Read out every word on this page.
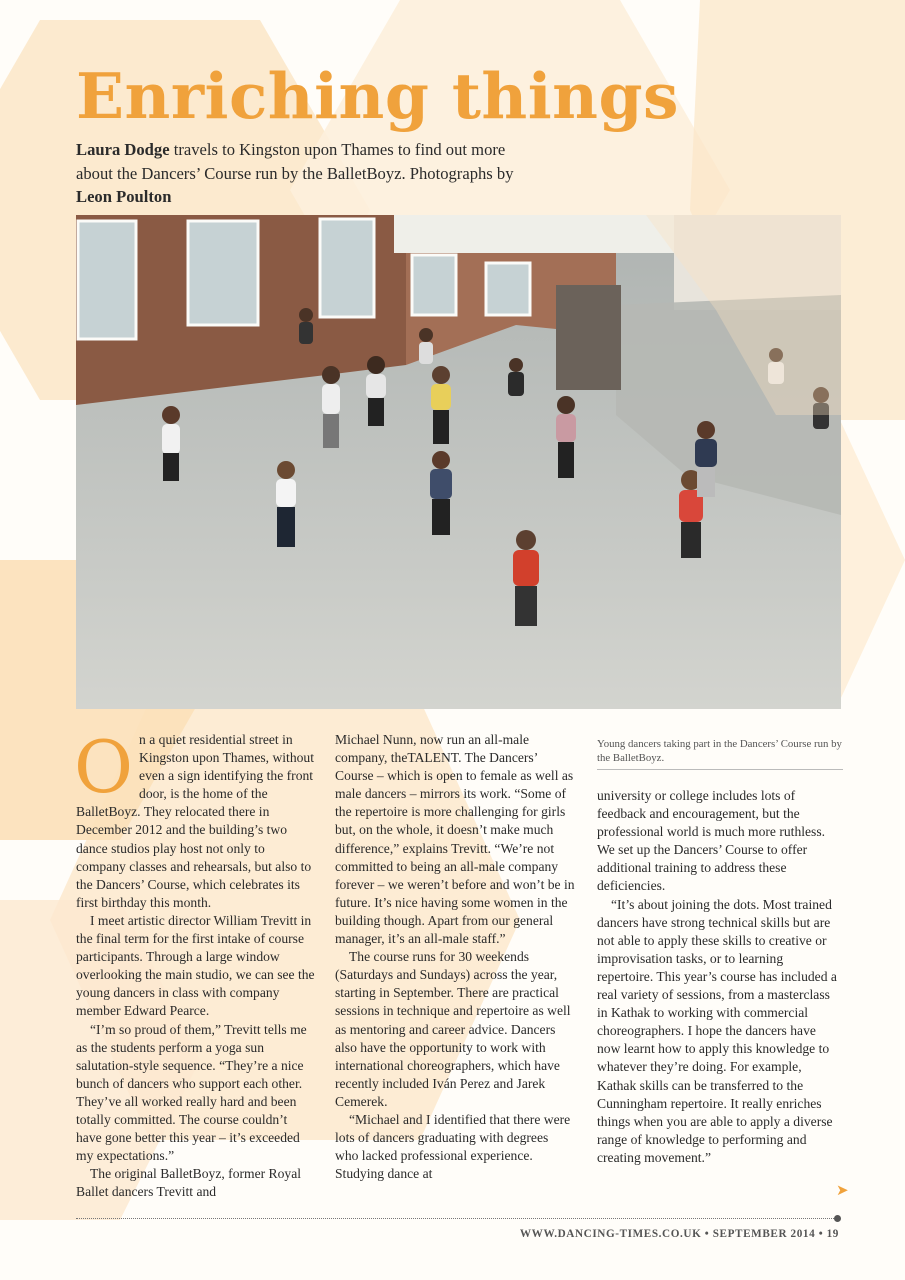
Enriching things

Laura Dodge travels to Kingston upon Thames to find out more about the Dancers’ Course run by the BalletBoyz. Photographs by Leon Poulton

Young dancers taking part in the Dancers’ Course run by the BalletBoyz.

On a quiet residential street in Kingston upon Thames, without even a sign identifying the front door, is the home of the BalletBoyz. They relocated there in December 2012 and the building’s two dance studios play host not only to company classes and rehearsals, but also to the Dancers’ Course, which celebrates its first birthday this month.

I meet artistic director William Trevitt in the final term for the first intake of course participants. Through a large window overlooking the main studio, we can see the young dancers in class with company member Edward Pearce.

“I’m so proud of them,” Trevitt tells me as the students perform a yoga sun salutation-style sequence. “They’re a nice bunch of dancers who support each other. They’ve all worked really hard and been totally committed. The course couldn’t have gone better this year – it’s exceeded my expectations.”

The original BalletBoyz, former Royal Ballet dancers Trevitt and

Michael Nunn, now run an all-male company, theTALENT. The Dancers’ Course – which is open to female as well as male dancers – mirrors its work. “Some of the repertoire is more challenging for girls but, on the whole, it doesn’t make much difference,” explains Trevitt. “We’re not committed to being an all-male company forever – we weren’t before and won’t be in future. It’s nice having some women in the building though. Apart from our general manager, it’s an all-male staff.”

The course runs for 30 weekends (Saturdays and Sundays) across the year, starting in September. There are practical sessions in technique and repertoire as well as mentoring and career advice. Dancers also have the opportunity to work with international choreographers, which have recently included Iván Perez and Jarek Cemerek.

“Michael and I identified that there were lots of dancers graduating with degrees who lacked professional experience. Studying dance at

university or college includes lots of feedback and encouragement, but the professional world is much more ruthless. We set up the Dancers’ Course to offer additional training to address these deficiencies.

“It’s about joining the dots. Most trained dancers have strong technical skills but are not able to apply these skills to creative or improvisation tasks, or to learning repertoire. This year’s course has included a real variety of sessions, from a masterclass in Kathak to working with commercial choreographers. I hope the dancers have now learnt how to apply this knowledge to whatever they’re doing. For example, Kathak skills can be transferred to the Cunningham repertoire. It really enriches things when you are able to apply a diverse range of knowledge to performing and creating movement.”

➤
WWW.DANCING-TIMES.CO.UK • SEPTEMBER 2014 • 19
